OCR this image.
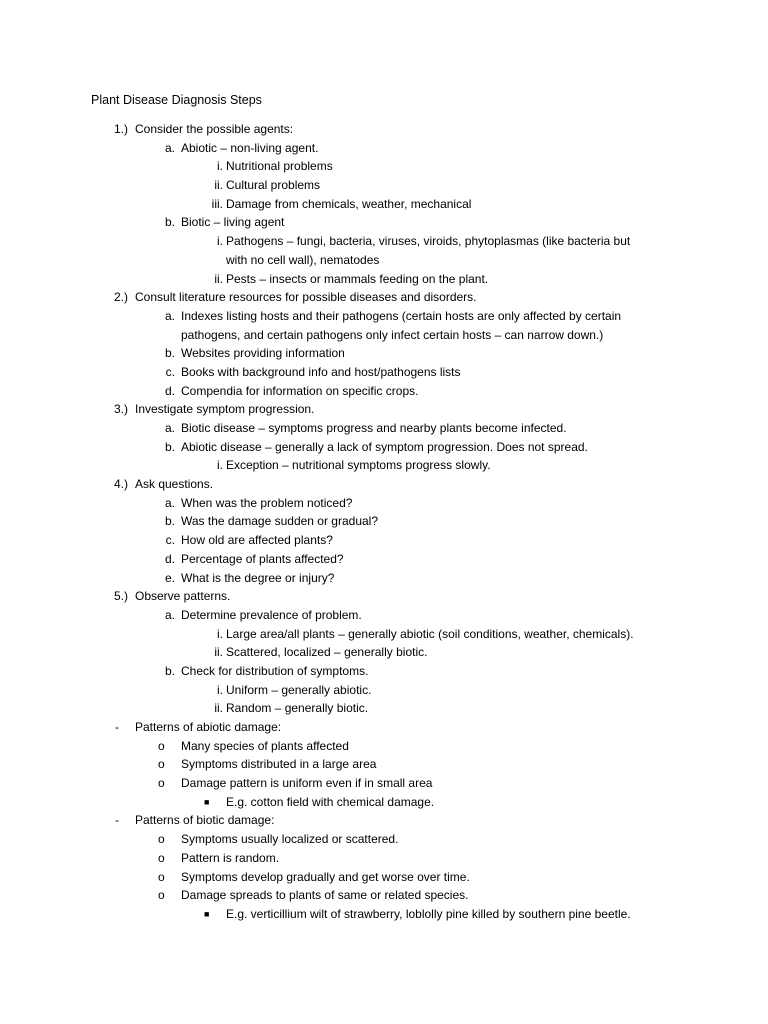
Plant Disease Diagnosis Steps
1.) Consider the possible agents:
a. Abiotic – non-living agent.
i. Nutritional problems
ii. Cultural problems
iii. Damage from chemicals, weather, mechanical
b. Biotic – living agent
i. Pathogens – fungi, bacteria, viruses, viroids, phytoplasmas (like bacteria but
with no cell wall), nematodes
ii. Pests – insects or mammals feeding on the plant.
2.) Consult literature resources for possible diseases and disorders.
a. Indexes listing hosts and their pathogens (certain hosts are only affected by certain
pathogens, and certain pathogens only infect certain hosts – can narrow down.)
b. Websites providing information
c. Books with background info and host/pathogens lists
d. Compendia for information on specific crops.
3.) Investigate symptom progression.
a. Biotic disease – symptoms progress and nearby plants become infected.
b. Abiotic disease – generally a lack of symptom progression. Does not spread.
i. Exception – nutritional symptoms progress slowly.
4.) Ask questions.
a. When was the problem noticed?
b. Was the damage sudden or gradual?
c. How old are affected plants?
d. Percentage of plants affected?
e. What is the degree or injury?
5.) Observe patterns.
a. Determine prevalence of problem.
i. Large area/all plants – generally abiotic (soil conditions, weather, chemicals).
ii. Scattered, localized – generally biotic.
b. Check for distribution of symptoms.
i. Uniform – generally abiotic.
ii. Random – generally biotic.
- Patterns of abiotic damage:
o Many species of plants affected
o Symptoms distributed in a large area
o Damage pattern is uniform even if in small area
■ E.g. cotton field with chemical damage.
- Patterns of biotic damage:
o Symptoms usually localized or scattered.
o Pattern is random.
o Symptoms develop gradually and get worse over time.
o Damage spreads to plants of same or related species.
■ E.g. verticillium wilt of strawberry, loblolly pine killed by southern pine beetle.
